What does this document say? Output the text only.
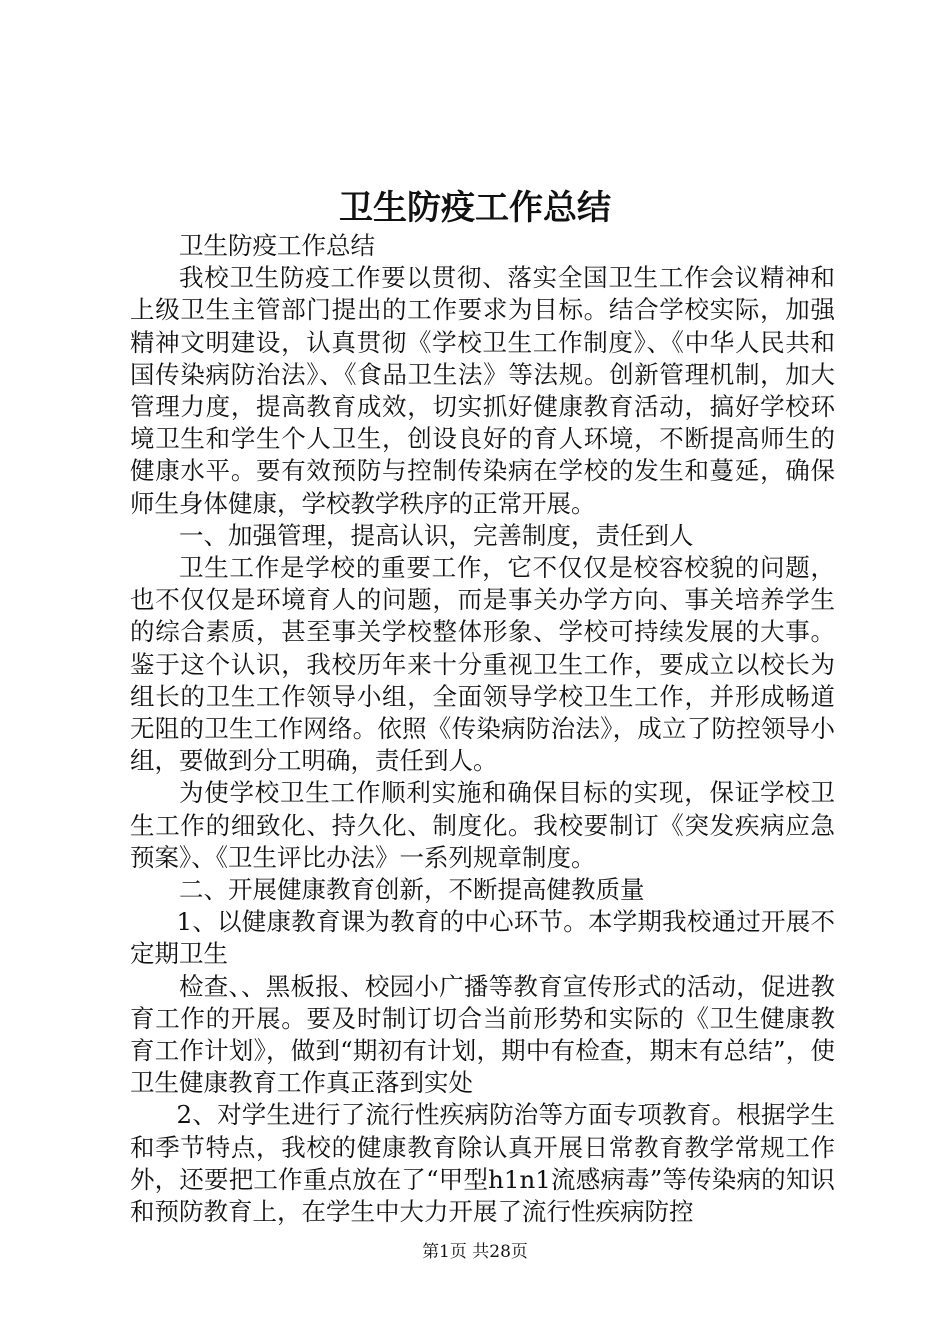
卫生防疫工作总结

卫生防疫工作总结

我校卫生防疫工作要以贯彻、落实全国卫生工作会议精神和上级卫生主管部门提出的工作要求为目标。结合学校实际，加强精神文明建设，认真贯彻《学校卫生工作制度》、《中华人民共和国传染病防治法》、《食品卫生法》等法规。创新管理机制，加大管理力度，提高教育成效，切实抓好健康教育活动，搞好学校环境卫生和学生个人卫生，创设良好的育人环境，不断提高师生的健康水平。要有效预防与控制传染病在学校的发生和蔓延，确保师生身体健康，学校教学秩序的正常开展。

一、加强管理，提高认识，完善制度，责任到人

卫生工作是学校的重要工作，它不仅仅是校容校貌的问题，也不仅仅是环境育人的问题，而是事关办学方向、事关培养学生的综合素质，甚至事关学校整体形象、学校可持续发展的大事。鉴于这个认识，我校历年来十分重视卫生工作，要成立以校长为组长的卫生工作领导小组，全面领导学校卫生工作，并形成畅道无阻的卫生工作网络。依照《传染病防治法》，成立了防控领导小组，要做到分工明确，责任到人。

为使学校卫生工作顺利实施和确保目标的实现，保证学校卫生工作的细致化、持久化、制度化。我校要制订《突发疾病应急预案》、《卫生评比办法》一系列规章制度。

二、开展健康教育创新，不断提高健教质量

1、以健康教育课为教育的中心环节。本学期我校通过开展不定期卫生

检查、、黑板报、校园小广播等教育宣传形式的活动，促进教育工作的开展。要及时制订切合当前形势和实际的《卫生健康教育工作计划》，做到“期初有计划，期中有检查，期末有总结”，使卫生健康教育工作真正落到实处

2、对学生进行了流行性疾病防治等方面专项教育。根据学生和季节特点，我校的健康教育除认真开展日常教育教学常规工作外，还要把工作重点放在了“甲型h1n1流感病毒”等传染病的知识和预防教育上，在学生中大力开展了流行性疾病防控

第1页 共28页
